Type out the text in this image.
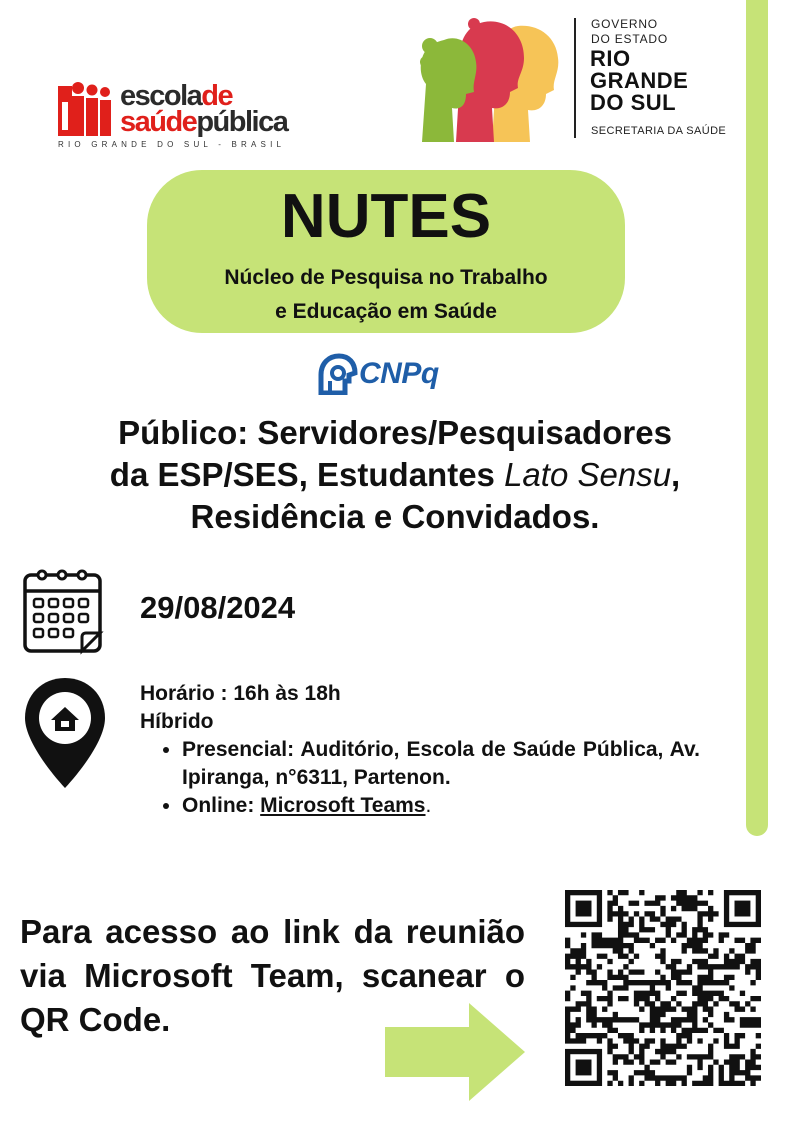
escolade
saúdepública
RIO GRANDE DO SUL - BRASIL
GOVERNO
DO ESTADO
RIO
GRANDE
DO SUL
SECRETARIA DA SAÚDE
NUTES
Núcleo de Pesquisa no Trabalho
e Educação em Saúde
CNPq
Público: Servidores/Pesquisadores
da ESP/SES, Estudantes Lato Sensu,
Residência e Convidados.
29/08/2024
Horário : 16h às 18h
Híbrido
• Presencial: Auditório, Escola de Saúde Pública, Av. Ipiranga, n°6311, Partenon.
• Online: Microsoft Teams.
Para acesso ao link da reunião via Microsoft Team, scanear o QR Code.
